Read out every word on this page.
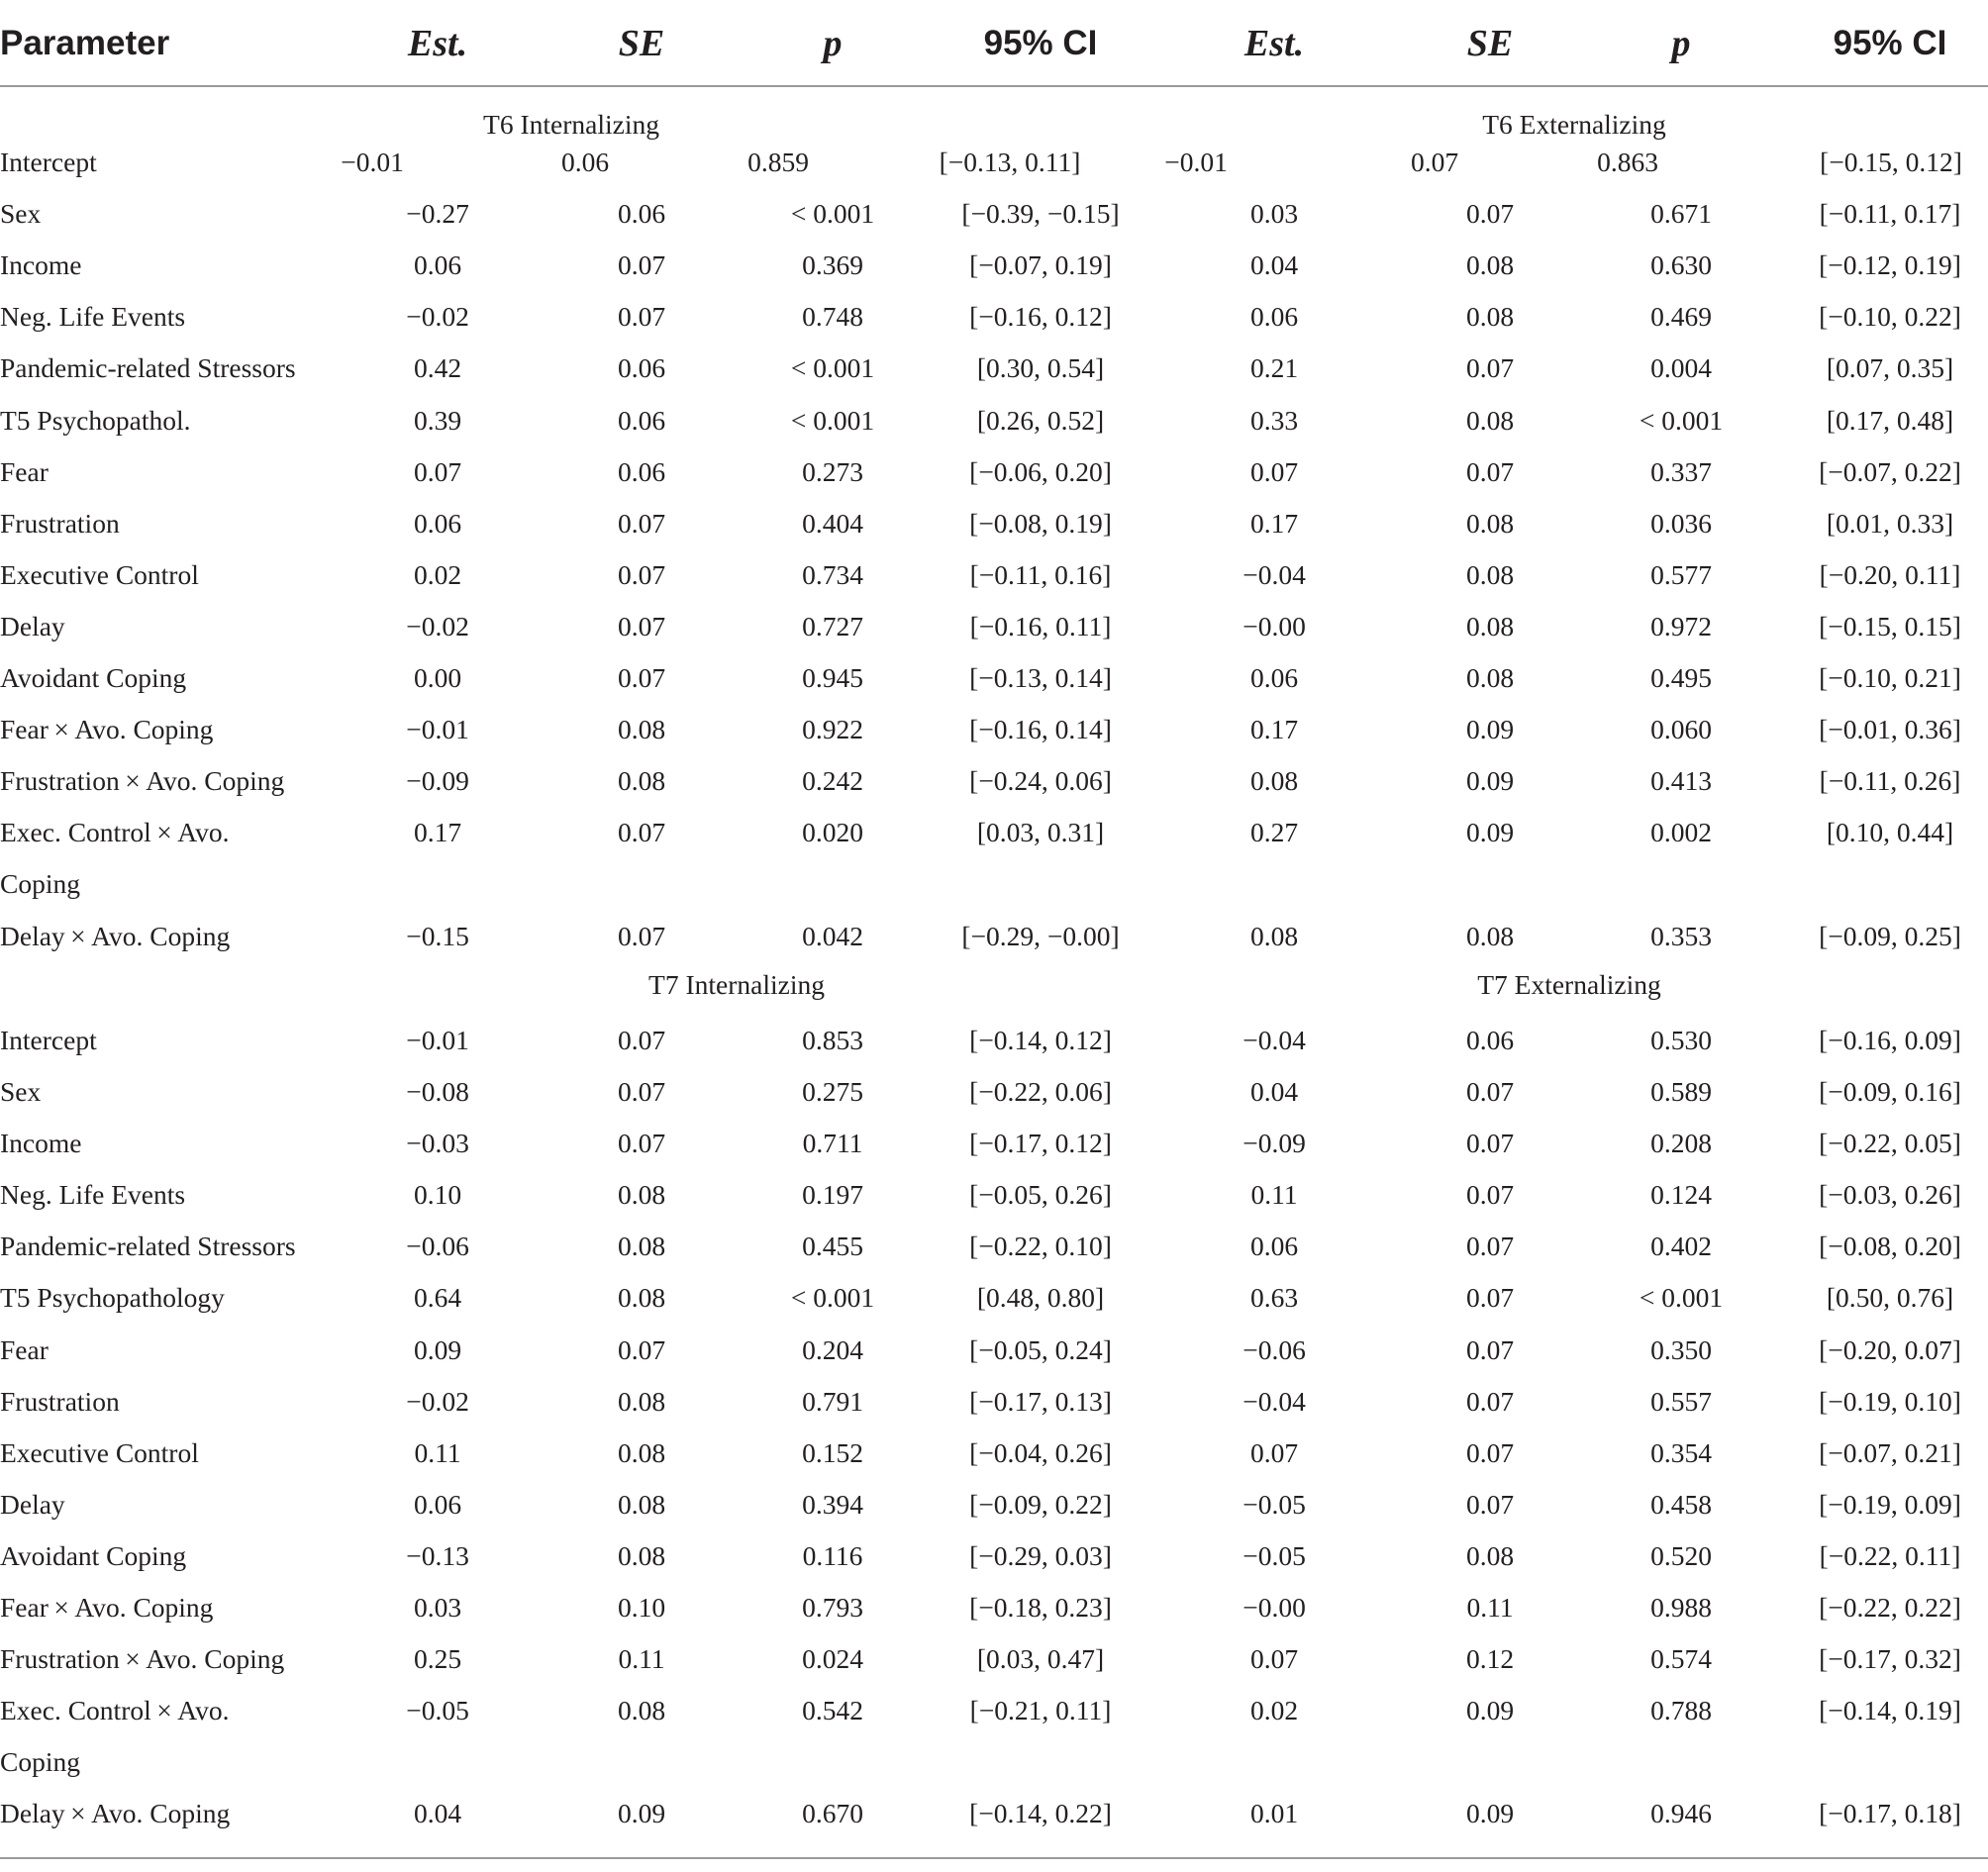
Parameter	Est.	SE	p	95% CI	Est.	SE	p	95% CI
T6 Internalizing	T6 Externalizing
Intercept	−0.01	0.06	0.859	[−0.13, 0.11]	−0.01	0.07	0.863	[−0.15, 0.12]
Sex	−0.27	0.06	< 0.001	[−0.39, −0.15]	0.03	0.07	0.671	[−0.11, 0.17]
Income	0.06	0.07	0.369	[−0.07, 0.19]	0.04	0.08	0.630	[−0.12, 0.19]
Neg. Life Events	−0.02	0.07	0.748	[−0.16, 0.12]	0.06	0.08	0.469	[−0.10, 0.22]
Pandemic-related Stressors	0.42	0.06	< 0.001	[0.30, 0.54]	0.21	0.07	0.004	[0.07, 0.35]
T5 Psychopathol.	0.39	0.06	< 0.001	[0.26, 0.52]	0.33	0.08	< 0.001	[0.17, 0.48]
Fear	0.07	0.06	0.273	[−0.06, 0.20]	0.07	0.07	0.337	[−0.07, 0.22]
Frustration	0.06	0.07	0.404	[−0.08, 0.19]	0.17	0.08	0.036	[0.01, 0.33]
Executive Control	0.02	0.07	0.734	[−0.11, 0.16]	−0.04	0.08	0.577	[−0.20, 0.11]
Delay	−0.02	0.07	0.727	[−0.16, 0.11]	−0.00	0.08	0.972	[−0.15, 0.15]
Avoidant Coping	0.00	0.07	0.945	[−0.13, 0.14]	0.06	0.08	0.495	[−0.10, 0.21]
Fear × Avo. Coping	−0.01	0.08	0.922	[−0.16, 0.14]	0.17	0.09	0.060	[−0.01, 0.36]
Frustration × Avo. Coping	−0.09	0.08	0.242	[−0.24, 0.06]	0.08	0.09	0.413	[−0.11, 0.26]
Exec. Control × Avo.	0.17	0.07	0.020	[0.03, 0.31]	0.27	0.09	0.002	[0.10, 0.44]
Coping
Delay × Avo. Coping	−0.15	0.07	0.042	[−0.29, −0.00]	0.08	0.08	0.353	[−0.09, 0.25]
T7 Internalizing	T7 Externalizing
Intercept	−0.01	0.07	0.853	[−0.14, 0.12]	−0.04	0.06	0.530	[−0.16, 0.09]
Sex	−0.08	0.07	0.275	[−0.22, 0.06]	0.04	0.07	0.589	[−0.09, 0.16]
Income	−0.03	0.07	0.711	[−0.17, 0.12]	−0.09	0.07	0.208	[−0.22, 0.05]
Neg. Life Events	0.10	0.08	0.197	[−0.05, 0.26]	0.11	0.07	0.124	[−0.03, 0.26]
Pandemic-related Stressors	−0.06	0.08	0.455	[−0.22, 0.10]	0.06	0.07	0.402	[−0.08, 0.20]
T5 Psychopathology	0.64	0.08	< 0.001	[0.48, 0.80]	0.63	0.07	< 0.001	[0.50, 0.76]
Fear	0.09	0.07	0.204	[−0.05, 0.24]	−0.06	0.07	0.350	[−0.20, 0.07]
Frustration	−0.02	0.08	0.791	[−0.17, 0.13]	−0.04	0.07	0.557	[−0.19, 0.10]
Executive Control	0.11	0.08	0.152	[−0.04, 0.26]	0.07	0.07	0.354	[−0.07, 0.21]
Delay	0.06	0.08	0.394	[−0.09, 0.22]	−0.05	0.07	0.458	[−0.19, 0.09]
Avoidant Coping	−0.13	0.08	0.116	[−0.29, 0.03]	−0.05	0.08	0.520	[−0.22, 0.11]
Fear × Avo. Coping	0.03	0.10	0.793	[−0.18, 0.23]	−0.00	0.11	0.988	[−0.22, 0.22]
Frustration × Avo. Coping	0.25	0.11	0.024	[0.03, 0.47]	0.07	0.12	0.574	[−0.17, 0.32]
Exec. Control × Avo.	−0.05	0.08	0.542	[−0.21, 0.11]	0.02	0.09	0.788	[−0.14, 0.19]
Coping
Delay × Avo. Coping	0.04	0.09	0.670	[−0.14, 0.22]	0.01	0.09	0.946	[−0.17, 0.18]
